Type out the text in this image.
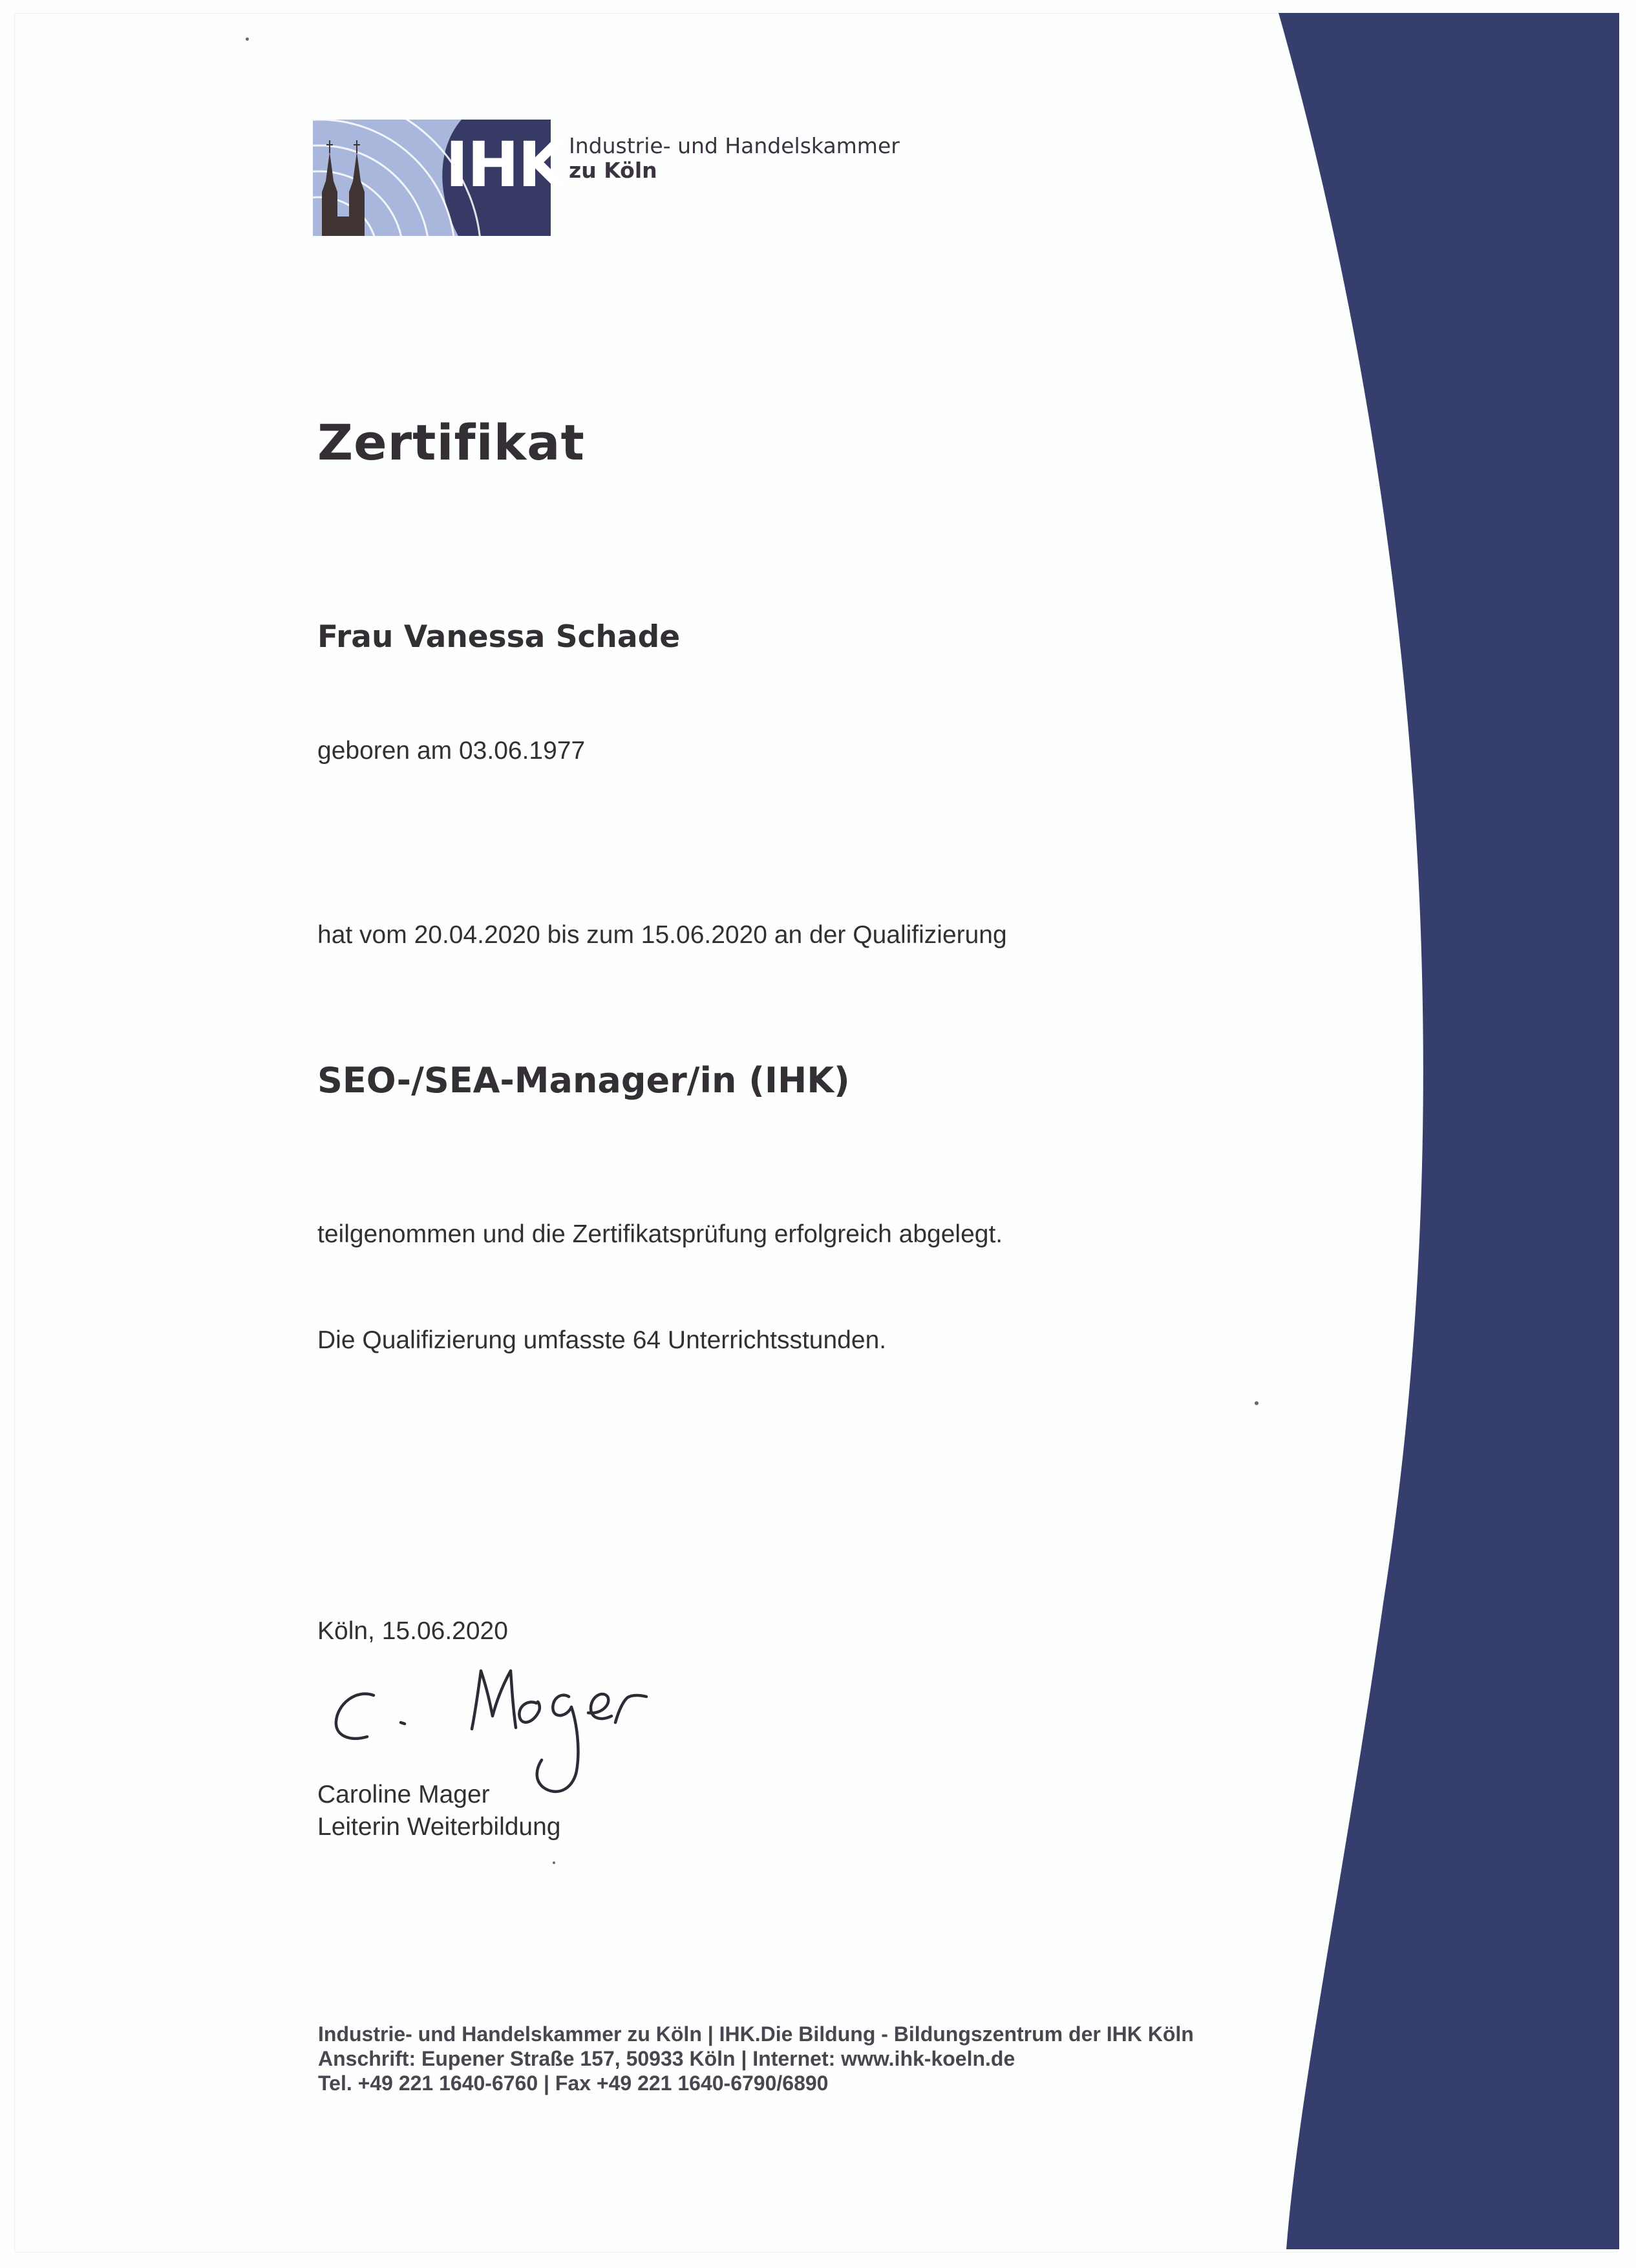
IHK Industrie- und Handelskammer
zu Köln
Zertifikat
Frau Vanessa Schade
geboren am 03.06.1977
hat vom 20.04.2020 bis zum 15.06.2020 an der Qualifizierung
SEO-/SEA-Manager/in (IHK)
teilgenommen und die Zertifikatsprüfung erfolgreich abgelegt.
Die Qualifizierung umfasste 64 Unterrichtsstunden.
Köln, 15.06.2020
Caroline Mager
Leiterin Weiterbildung
Industrie- und Handelskammer zu Köln | IHK.Die Bildung - Bildungszentrum der IHK Köln
Anschrift: Eupener Straße 157, 50933 Köln | Internet: www.ihk-koeln.de
Tel. +49 221 1640-6760 | Fax +49 221 1640-6790/6890
